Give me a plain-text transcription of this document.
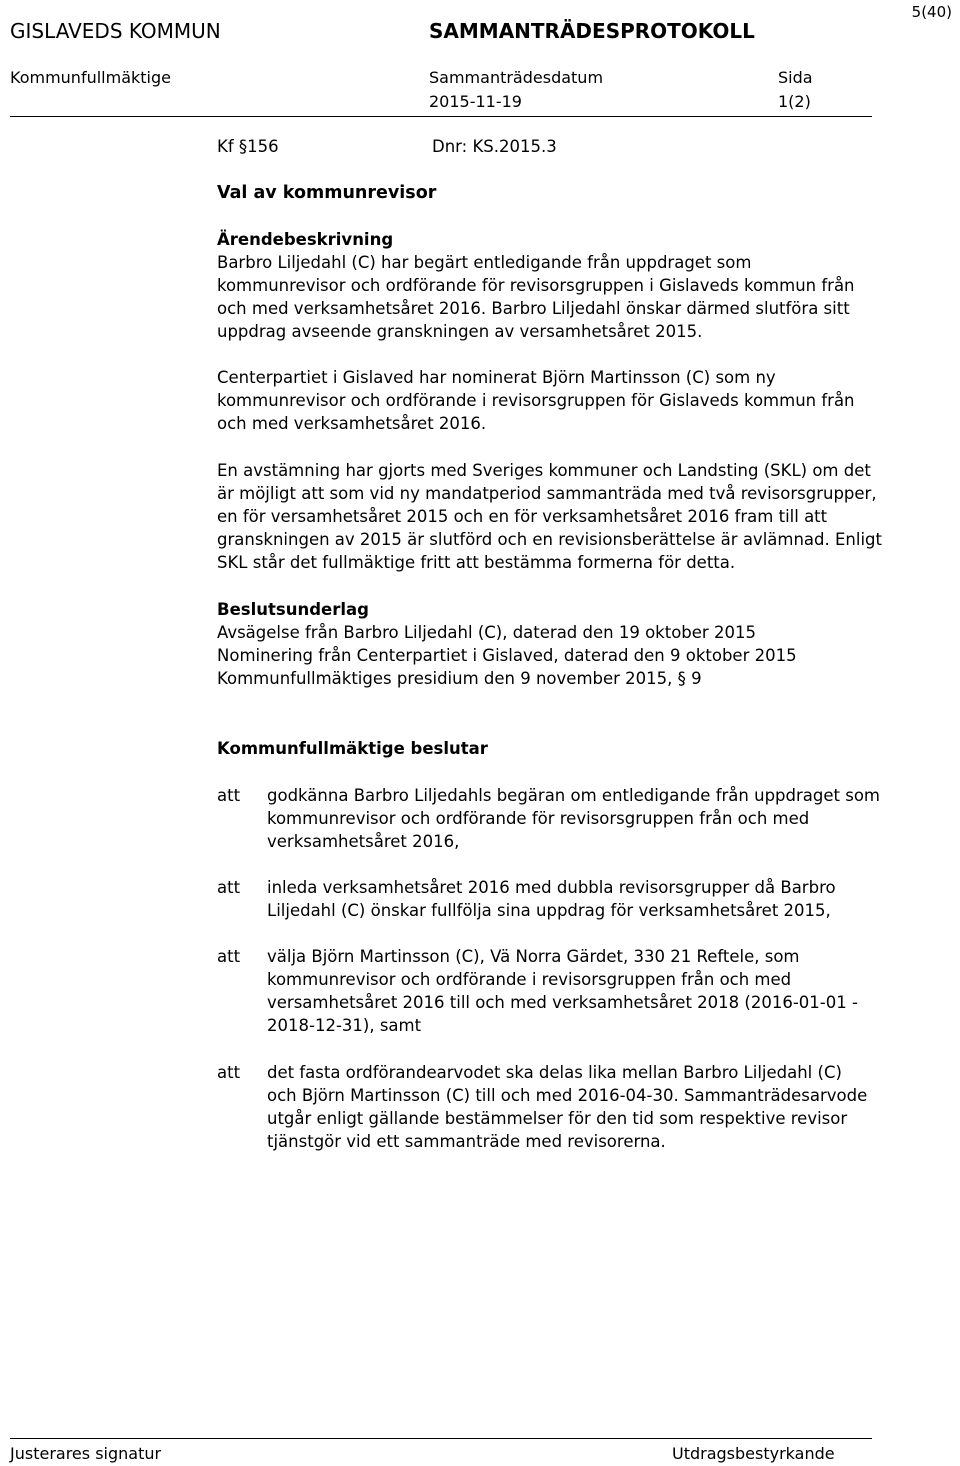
5(40)
GISLAVEDS KOMMUN	SAMMANTRÄDESPROTOKOLL
Kommunfullmäktige	Sammanträdesdatum	Sida
2015-11-19	1(2)
Kf §156	Dnr: KS.2015.3
Val av kommunrevisor
Ärendebeskrivning
Barbro Liljedahl (C) har begärt entledigande från uppdraget som
kommunrevisor och ordförande för revisorsgruppen i Gislaveds kommun från
och med verksamhetsåret 2016. Barbro Liljedahl önskar därmed slutföra sitt
uppdrag avseende granskningen av versamhetsåret 2015.
Centerpartiet i Gislaved har nominerat Björn Martinsson (C) som ny
kommunrevisor och ordförande i revisorsgruppen för Gislaveds kommun från
och med verksamhetsåret 2016.
En avstämning har gjorts med Sveriges kommuner och Landsting (SKL) om det
är möjligt att som vid ny mandatperiod sammanträda med två revisorsgrupper,
en för versamhetsåret 2015 och en för verksamhetsåret 2016 fram till att
granskningen av 2015 är slutförd och en revisionsberättelse är avlämnad. Enligt
SKL står det fullmäktige fritt att bestämma formerna för detta.
Beslutsunderlag
Avsägelse från Barbro Liljedahl (C), daterad den 19 oktober 2015
Nominering från Centerpartiet i Gislaved, daterad den 9 oktober 2015
Kommunfullmäktiges presidium den 9 november 2015, § 9
Kommunfullmäktige beslutar
att godkänna Barbro Liljedahls begäran om entledigande från uppdraget som
kommunrevisor och ordförande för revisorsgruppen från och med
verksamhetsåret 2016,
att inleda verksamhetsåret 2016 med dubbla revisorsgrupper då Barbro
Liljedahl (C) önskar fullfölja sina uppdrag för verksamhetsåret 2015,
att välja Björn Martinsson (C), Vä Norra Gärdet, 330 21 Reftele, som
kommunrevisor och ordförande i revisorsgruppen från och med
versamhetsåret 2016 till och med verksamhetsåret 2018 (2016-01-01 -
2018-12-31), samt
att det fasta ordförandearvodet ska delas lika mellan Barbro Liljedahl (C)
och Björn Martinsson (C) till och med 2016-04-30. Sammanträdesarvode
utgår enligt gällande bestämmelser för den tid som respektive revisor
tjänstgör vid ett sammanträde med revisorerna.
Justerares signatur	Utdragsbestyrkande
